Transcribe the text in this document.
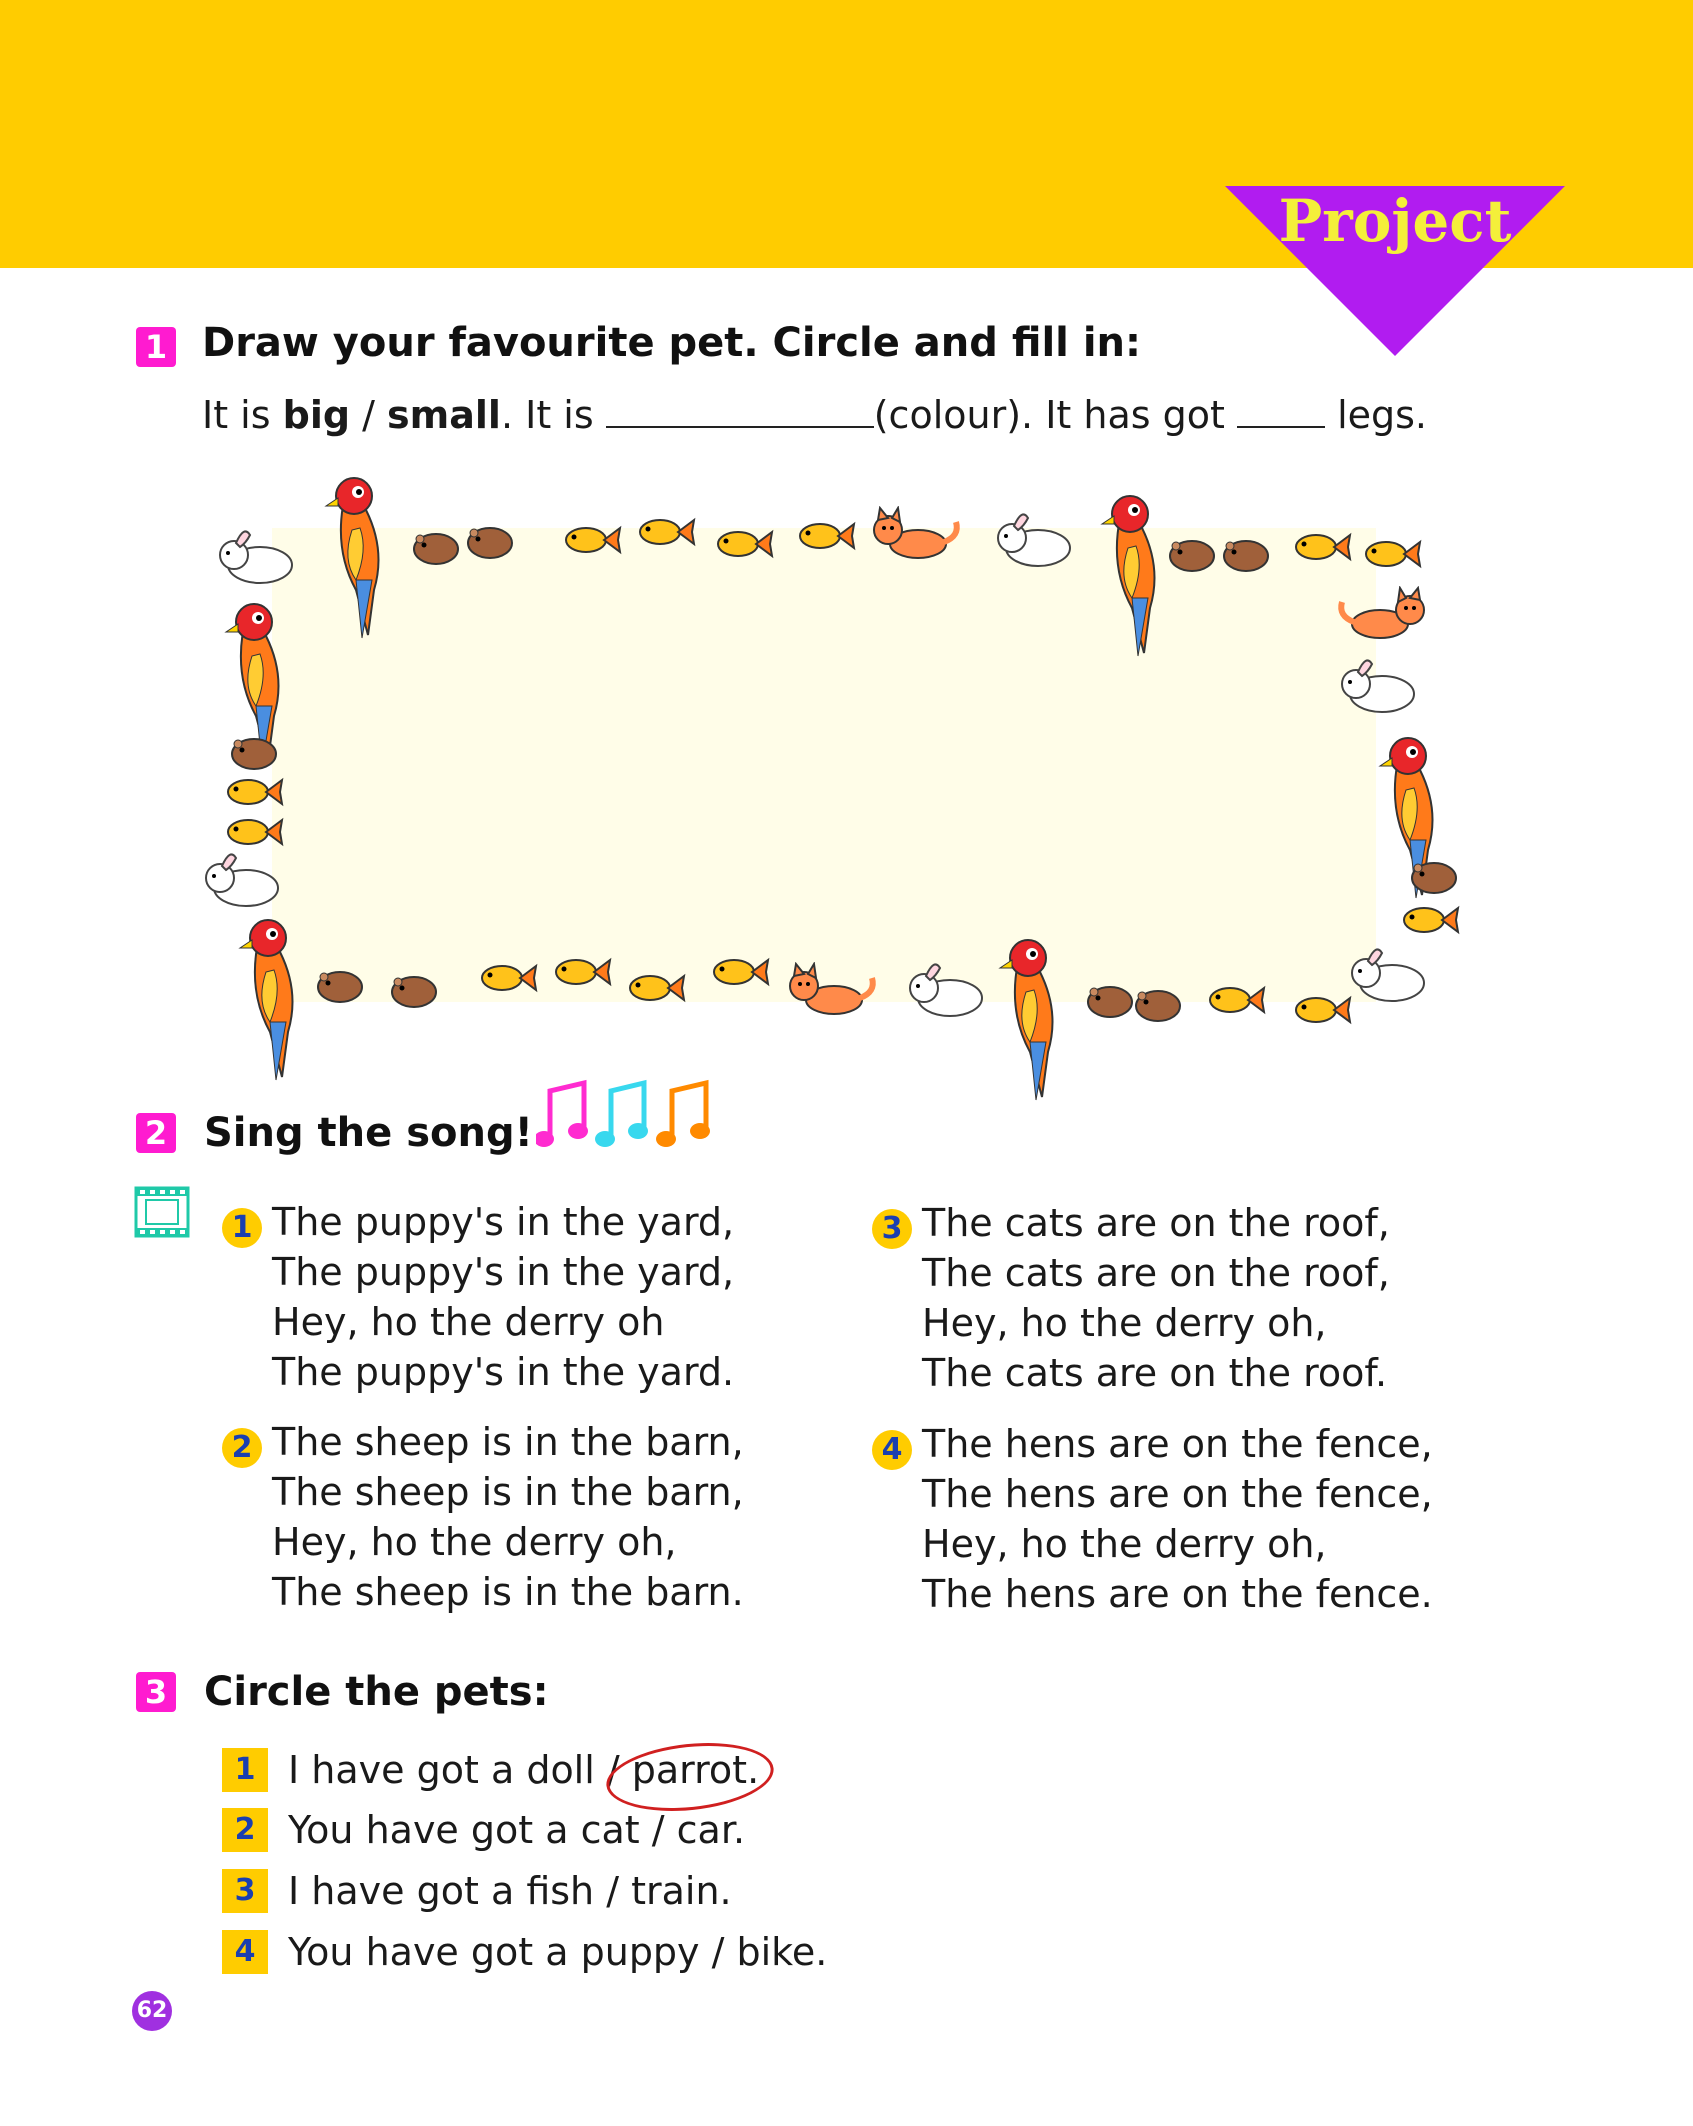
Project
1 Draw your favourite pet. Circle and fill in:
It is big / small. It is	(colour). It has got  legs.
2 Sing the song!
1 The puppy's in the yard,
The puppy's in the yard,
Hey, ho the derry oh
The puppy's in the yard.
2 The sheep is in the barn,
The sheep is in the barn,
Hey, ho the derry oh,
The sheep is in the barn.
3 The cats are on the roof,
The cats are on the roof,
Hey, ho the derry oh,
The cats are on the roof.
4 The hens are on the fence,
The hens are on the fence,
Hey, ho the derry oh,
The hens are on the fence.
3 Circle the pets:
1 I have got a doll / parrot.
2 You have got a cat / car.
3 I have got a fish / train.
4 You have got a puppy / bike.
62
